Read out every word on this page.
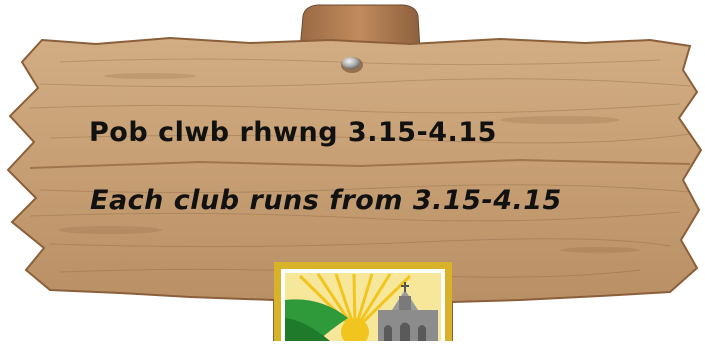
Pob clwb rhwng 3.15-4.15
Each club runs from 3.15-4.15
